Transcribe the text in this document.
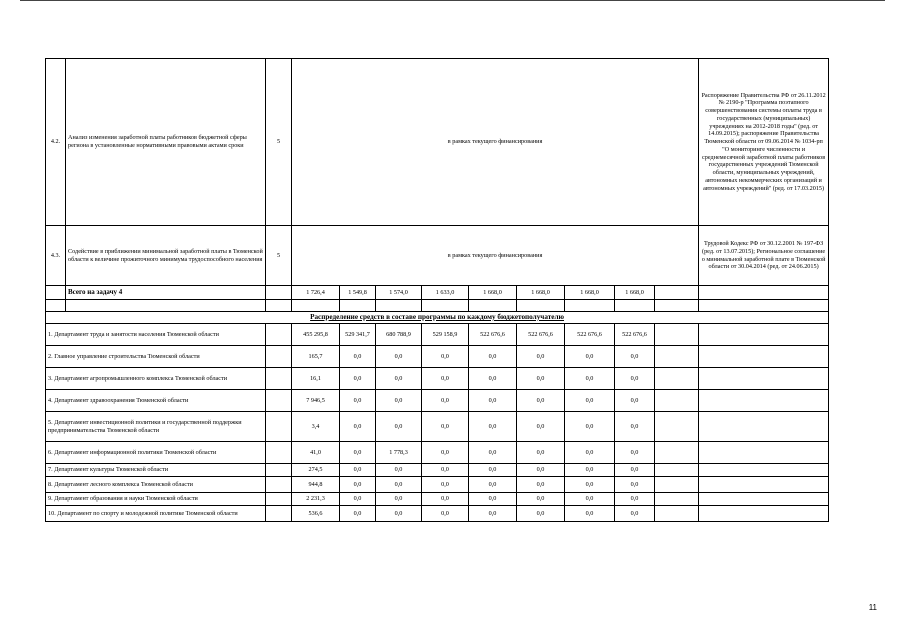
4.2.	Анализ изменения заработной платы работников бюджетной сферы региона в установленные нормативными правовыми актами сроки	5	в рамках текущего финансирования									Распоряжение Правительства РФ от 26.11.2012 № 2190-р "Программа поэтапного совершенствования системы оплаты труда в государственных (муниципальных) учреждениях на 2012-2018 годы" (ред. от 14.09.2015); распоряжение Правительства Тюменской области от 09.06.2014 № 1034-рп "О мониторинге численности и среднемесячной заработной платы работников государственных учреждений Тюменской области, муниципальных учреждений, автономных некоммерческих организаций и автономных учреждений" (ред. от 17.03.2015)
4.3.	Содействие в приближении минимальной заработной платы в Тюменской области к величине прожиточного минимума трудоспособного населения	5	в рамках текущего финансирования									Трудовой Кодекс РФ от 30.12.2001 № 197-ФЗ (ред. от 13.07.2015); Региональное соглашение о минимальной заработной плате в Тюменской области от 30.04.2014 (ред. от 24.06.2015)
	Всего на задачу 4		1 726,4	1 549,8	1 574,0	1 633,0	1 668,0	1 668,0	1 668,0	1 668,0		

Распределение средств в составе программы по каждому бюджетополучателю												
1. Департамент труда и занятости населения Тюменской области			455 295,8	529 341,7	680 788,9	529 158,9	522 676,6	522 676,6	522 676,6	522 676,6		
2. Главное управление строительства Тюменской области			165,7	0,0	0,0	0,0	0,0	0,0	0,0	0,0		
3. Департамент агропромышленного комплекса Тюменской области			16,1	0,0	0,0	0,0	0,0	0,0	0,0	0,0		
4. Департамент здравоохранения Тюменской области			7 946,5	0,0	0,0	0,0	0,0	0,0	0,0	0,0		
5. Департамент инвестиционной политики и государственной поддержки предпринимательства Тюменской области			3,4	0,0	0,0	0,0	0,0	0,0	0,0	0,0		
6. Департамент информационной политики Тюменской области			41,0	0,0	1 778,3	0,0	0,0	0,0	0,0	0,0		
7. Департамент культуры Тюменской области			274,5	0,0	0,0	0,0	0,0	0,0	0,0	0,0		
8. Департамент лесного комплекса Тюменской области			944,8	0,0	0,0	0,0	0,0	0,0	0,0	0,0		
9. Департамент образования и науки Тюменской области			2 231,3	0,0	0,0	0,0	0,0	0,0	0,0	0,0		
10. Департамент по спорту и молодежной политике Тюменской области			536,6	0,0	0,0	0,0	0,0	0,0	0,0	0,0		
11
